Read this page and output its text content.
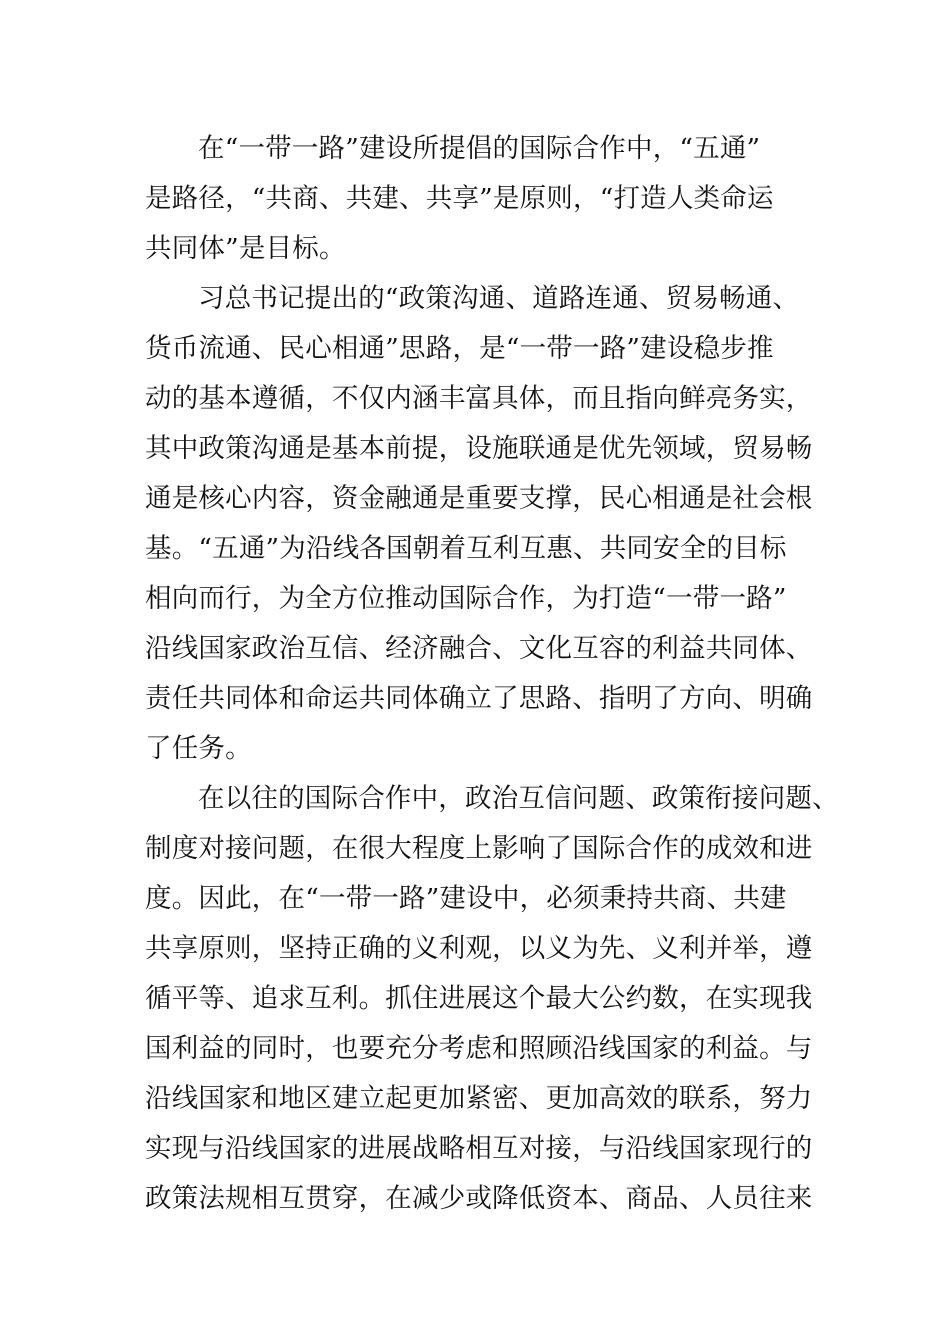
在“一带一路”建设所提倡的国际合作中，“五通”
是路径，“共商、共建、共享”是原则，“打造人类命运
共同体”是目标。
习总书记提出的“政策沟通、道路连通、贸易畅通、
货币流通、民心相通”思路，是“一带一路”建设稳步推
动的基本遵循，不仅内涵丰富具体，而且指向鲜亮务实，
其中政策沟通是基本前提，设施联通是优先领域，贸易畅
通是核心内容，资金融通是重要支撑，民心相通是社会根
基。“五通”为沿线各国朝着互利互惠、共同安全的目标
相向而行，为全方位推动国际合作，为打造“一带一路”
沿线国家政治互信、经济融合、文化互容的利益共同体、
责任共同体和命运共同体确立了思路、指明了方向、明确
了任务。
在以往的国际合作中，政治互信问题、政策衔接问题、
制度对接问题，在很大程度上影响了国际合作的成效和进
度。因此，在“一带一路”建设中，必须秉持共商、共建
共享原则，坚持正确的义利观，以义为先、义利并举，遵
循平等、追求互利。抓住进展这个最大公约数，在实现我
国利益的同时，也要充分考虑和照顾沿线国家的利益。与
沿线国家和地区建立起更加紧密、更加高效的联系，努力
实现与沿线国家的进展战略相互对接，与沿线国家现行的
政策法规相互贯穿，在减少或降低资本、商品、人员往来
